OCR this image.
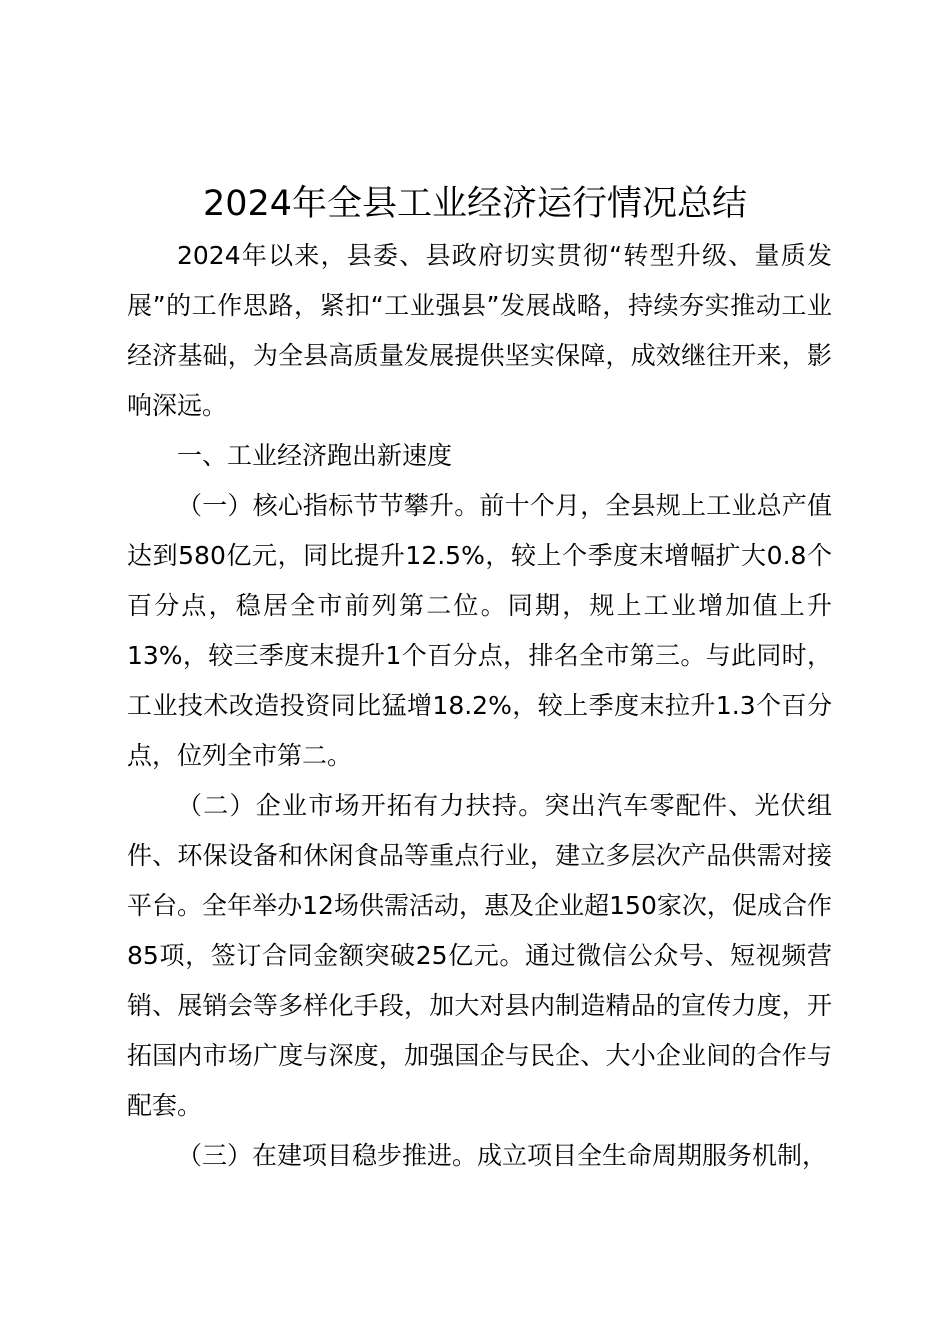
2024年全县工业经济运行情况总结

2024年以来，县委、县政府切实贯彻“转型升级、量质发展”的工作思路，紧扣“工业强县”发展战略，持续夯实推动工业经济基础，为全县高质量发展提供坚实保障，成效继往开来，影响深远。

一、工业经济跑出新速度

（一）核心指标节节攀升。前十个月，全县规上工业总产值达到580亿元，同比提升12.5%，较上个季度末增幅扩大0.8个百分点，稳居全市前列第二位。同期，规上工业增加值上升13%，较三季度末提升1个百分点，排名全市第三。与此同时，工业技术改造投资同比猛增18.2%，较上季度末拉升1.3个百分点，位列全市第二。

（二）企业市场开拓有力扶持。突出汽车零配件、光伏组件、环保设备和休闲食品等重点行业，建立多层次产品供需对接平台。全年举办12场供需活动，惠及企业超150家次，促成合作85项，签订合同金额突破25亿元。通过微信公众号、短视频营销、展销会等多样化手段，加大对县内制造精品的宣传力度，开拓国内市场广度与深度，加强国企与民企、大小企业间的合作与配套。

（三）在建项目稳步推进。成立项目全生命周期服务机制，
